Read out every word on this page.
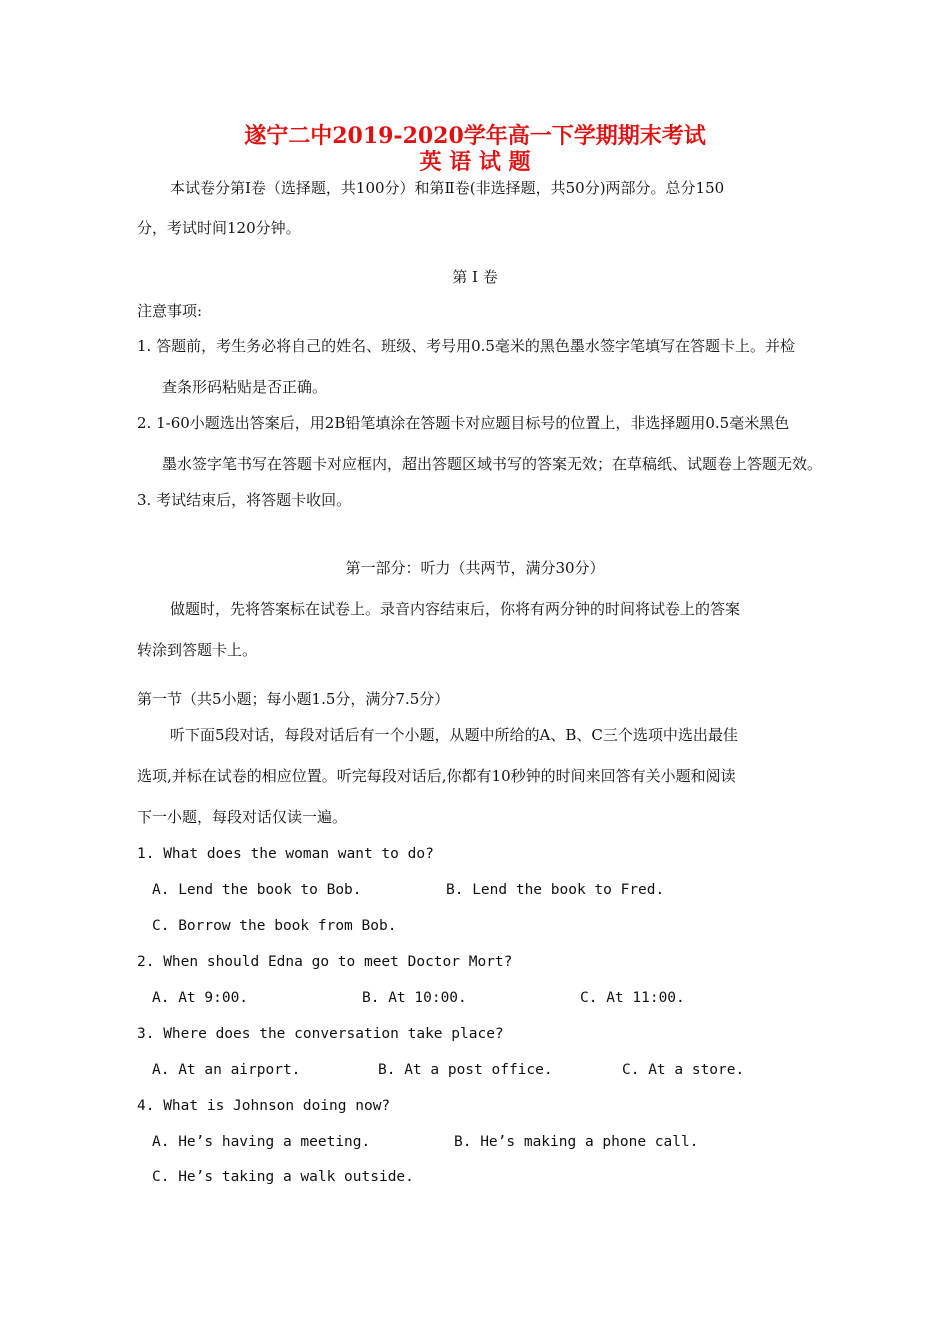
遂宁二中2019-2020学年高一下学期期末考试
英 语 试 题
本试卷分第Ⅰ卷（选择题，共100分）和第Ⅱ卷(非选择题，共50分)两部分。总分150
分，考试时间120分钟。
第 Ⅰ 卷
注意事项:
1. 答题前，考生务必将自己的姓名、班级、考号用0.5毫米的黑色墨水签字笔填写在答题卡上。并检
查条形码粘贴是否正确。
2. 1-60小题选出答案后，用2B铅笔填涂在答题卡对应题目标号的位置上，非选择题用0.5毫米黑色
墨水签字笔书写在答题卡对应框内，超出答题区域书写的答案无效；在草稿纸、试题卷上答题无效。
3. 考试结束后，将答题卡收回。
第一部分：听力（共两节，满分30分）
做题时，先将答案标在试卷上。录音内容结束后，你将有两分钟的时间将试卷上的答案
转涂到答题卡上。
第一节（共5小题；每小题1.5分，满分7.5分）
听下面5段对话，每段对话后有一个小题，从题中所给的A、B、C三个选项中选出最佳
选项,并标在试卷的相应位置。听完每段对话后,你都有10秒钟的时间来回答有关小题和阅读
下一小题，每段对话仅读一遍。
1. What does the woman want to do?
A. Lend the book to Bob.	B. Lend the book to Fred.
C. Borrow the book from Bob.
2. When should Edna go to meet Doctor Mort?
A. At 9:00.	B. At 10:00.	C. At 11:00.
3. Where does the conversation take place?
A. At an airport.	B. At a post office.	C. At a store.
4. What is Johnson doing now?
A. He’s having a meeting.	B. He’s making a phone call.
C. He’s taking a walk outside.
